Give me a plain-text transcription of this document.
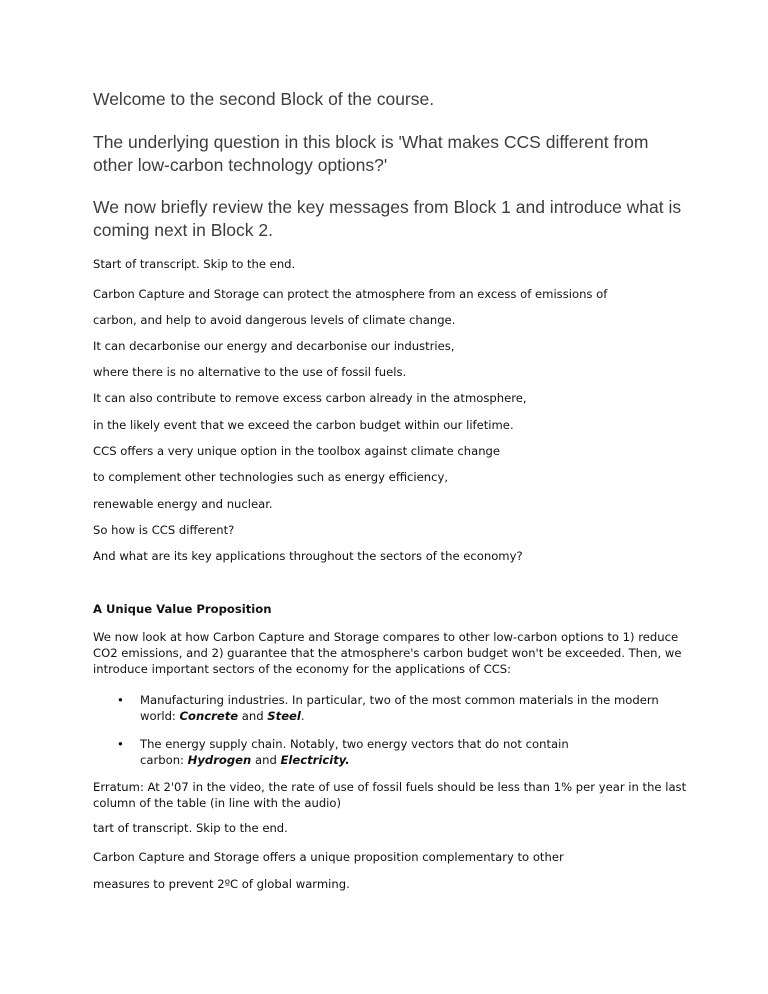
Welcome to the second Block of the course.
The underlying question in this block is 'What makes CCS different from other low-carbon technology options?'
We now briefly review the key messages from Block 1 and introduce what is coming next in Block 2.
Start of transcript. Skip to the end.
Carbon Capture and Storage can protect the atmosphere from an excess of emissions of
carbon, and help to avoid dangerous levels of climate change.
It can decarbonise our energy and decarbonise our industries,
where there is no alternative to the use of fossil fuels.
It can also contribute to remove excess carbon already in the atmosphere,
in the likely event that we exceed the carbon budget within our lifetime.
CCS offers a very unique option in the toolbox against climate change
to complement other technologies such as energy efficiency,
renewable energy and nuclear.
So how is CCS different?
And what are its key applications throughout the sectors of the economy?
A Unique Value Proposition
We now look at how Carbon Capture and Storage compares to other low-carbon options to 1) reduce CO2 emissions, and 2) guarantee that the atmosphere's carbon budget won't be exceeded. Then, we introduce important sectors of the economy for the applications of CCS:
•	Manufacturing industries. In particular, two of the most common materials in the modern
world: Concrete and Steel.
•	The energy supply chain. Notably, two energy vectors that do not contain
carbon: Hydrogen and Electricity.
Erratum: At 2'07 in the video, the rate of use of fossil fuels should be less than 1% per year in the last column of the table (in line with the audio)
tart of transcript. Skip to the end.
Carbon Capture and Storage offers a unique proposition complementary to other
measures to prevent 2ºC of global warming.
